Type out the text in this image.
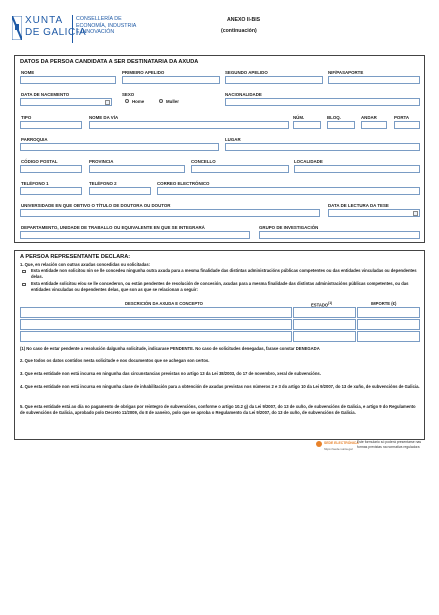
XUNTA
DE GALICIA
CONSELLERÍA DE
ECONOMÍA, INDUSTRIA
E INNOVACIÓN
ANEXO II-BIS
(continuación)
DATOS DA PERSOA CANDIDATA A SER DESTINATARIA DA AXUDA
NOME	PRIMEIRO APELIDO	SEGUNDO APELIDO	NIF/PASAPORTE
DATA DE NACEMENTO	SEXO
Home	Muller
NACIONALIDADE
TIPO	NOME DA VÍA	NÚM.	BLOQ.	ANDAR	PORTA
PARROQUIA	LUGAR
CÓDIGO POSTAL	PROVINCIA	CONCELLO	LOCALIDADE
TELÉFONO 1	TELÉFONO 2	CORREO ELECTRÓNICO
UNIVERSIDADE EN QUE OBTIVO O TÍTULO DE DOUTORA OU DOUTOR	DATA DE LECTURA DA TESE
DEPARTAMENTO, UNIDADE DE TRABALLO OU EQUIVALENTE EN QUE SE INTEGRARÁ	GRUPO DE INVESTIGACIÓN
A PERSOA REPRESENTANTE DECLARA:
1. Que, en relación con outras axudas concedidas ou solicitadas:
Esta entidade non solicitou nin se lle concedeu ningunha outra axuda para a mesma finalidade das distintas administracións públicas competentes ou das entidades vinculadas ou dependentes delas.
Esta entidade solicitou e/ou se lle concederon, ou están pendentes de resolución de concesión, axudas para a mesma finalidade das distintas administracións públicas competentes, ou das entidades vinculadas ou dependentes delas, que son as que se relacionan a seguir:
DESCRICIÓN DA AXUDA E CONCEPTO	ESTADO$^{(1)}$	IMPORTE (€)
(1) No caso de estar pendente a resolución dalgunha solicitude, indicarase PENDENTE. No caso de solicitudes denegadas, farase constar DENEGADA
2. Que todos os datos contidos nesta solicitude e nos documentos que se achegan son certos.
3. Que esta entidade non está incursa en ningunha das circunstancias previstas no artigo 13 da Lei 38/2003, do 17 de novembro, xeral de subvencións.
4. Que esta entidade non está incursa en ningunha clase de inhabilitación para a obtención de axudas previstas nos números 2 e 3 do artigo 10 da Lei 9/2007, do 13 de xuño, de subvencións de Galicia.
5. Que esta entidade está ao día no pagamento de obrigas por reintegro de subvencións, conforme o artigo 10.2 g) da Lei 9/2007, do 13 de xuño, de subvencións de Galicia, e artigo 9 do Regulamento de subvencións de Galicia, aprobado polo Decreto 11/2009, do 8 de xaneiro, polo que se aproba o Regulamento da Lei 9/2007, do 13 de xuño, de subvencións de Galicia.
SEDE ELECTRÓNICA
https://sede.xunta.gal
Este formulario só poderá presentarse nas formas previstas na normativa reguladora
